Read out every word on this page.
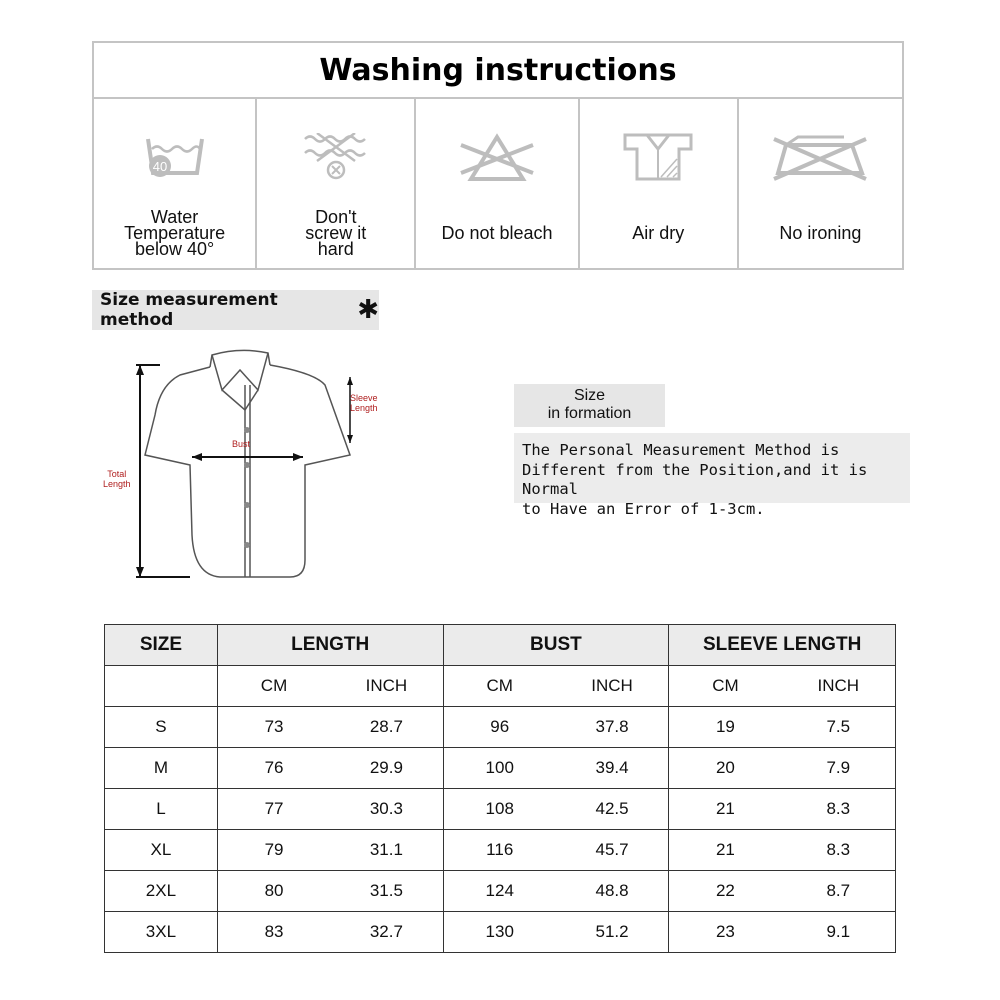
Washing instructions
40
Water
Temperature
below 40°
Don't
screw it
hard
Do not bleach	Air dry	No ironing
Size measurement method	✱
Sleeve
Length
Bust
Total
Length
Size
in formation
The Personal Measurement Method is
Different from the Position,and it is Normal
to Have an Error of 1-3cm.
SIZE	LENGTH		BUST		SLEEVE LENGTH	
	CM	INCH	CM	INCH	CM	INCH
S	73	28.7	96	37.8	19	7.5
M	76	29.9	100	39.4	20	7.9
L	77	30.3	108	42.5	21	8.3
XL	79	31.1	116	45.7	21	8.3
2XL	80	31.5	124	48.8	22	8.7
3XL	83	32.7	130	51.2	23	9.1
